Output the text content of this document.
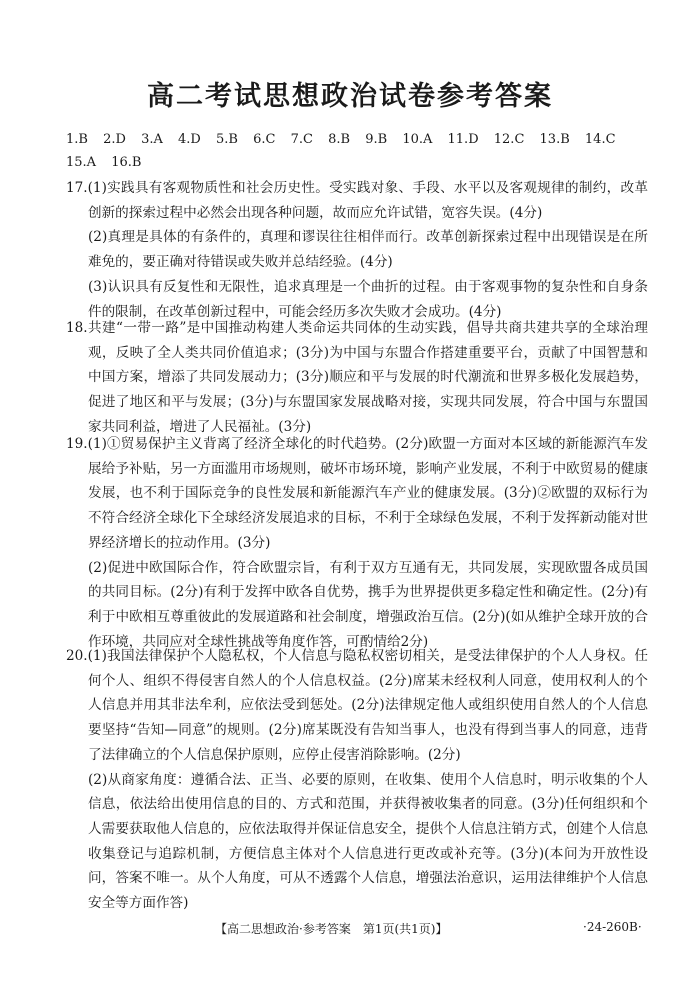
高二考试思想政治试卷参考答案
1.B 2.D 3.A 4.D 5.B 6.C 7.C 8.B 9.B 10.A 11.D 12.C 13.B 14.C
15.A 16.B

17.(1)实践具有客观物质性和社会历史性。受实践对象、手段、水平以及客观规律的制约，改革创新的探索过程中必然会出现各种问题，故而应允许试错，宽容失误。(4分)

(2)真理是具体的有条件的，真理和谬误往往相伴而行。改革创新探索过程中出现错误是在所难免的，要正确对待错误或失败并总结经验。(4分)

(3)认识具有反复性和无限性，追求真理是一个曲折的过程。由于客观事物的复杂性和自身条件的限制，在改革创新过程中，可能会经历多次失败才会成功。(4分)

18.共建“一带一路”是中国推动构建人类命运共同体的生动实践，倡导共商共建共享的全球治理观，反映了全人类共同价值追求；(3分)为中国与东盟合作搭建重要平台，贡献了中国智慧和中国方案，增添了共同发展动力；(3分)顺应和平与发展的时代潮流和世界多极化发展趋势，促进了地区和平与发展；(3分)与东盟国家发展战略对接，实现共同发展，符合中国与东盟国家共同利益，增进了人民福祉。(3分)

19.(1)①贸易保护主义背离了经济全球化的时代趋势。(2分)欧盟一方面对本区域的新能源汽车发展给予补贴，另一方面滥用市场规则，破坏市场环境，影响产业发展，不利于中欧贸易的健康发展，也不利于国际竞争的良性发展和新能源汽车产业的健康发展。(3分)②欧盟的双标行为不符合经济全球化下全球经济发展追求的目标，不利于全球绿色发展，不利于发挥新动能对世界经济增长的拉动作用。(3分)

(2)促进中欧国际合作，符合欧盟宗旨，有利于双方互通有无，共同发展，实现欧盟各成员国的共同目标。(2分)有利于发挥中欧各自优势，携手为世界提供更多稳定性和确定性。(2分)有利于中欧相互尊重彼此的发展道路和社会制度，增强政治互信。(2分)(如从维护全球开放的合作环境，共同应对全球性挑战等角度作答，可酌情给2分)

20.(1)我国法律保护个人隐私权，个人信息与隐私权密切相关，是受法律保护的个人人身权。任何个人、组织不得侵害自然人的个人信息权益。(2分)席某未经权利人同意，使用权利人的个人信息并用其非法牟利，应依法受到惩处。(2分)法律规定他人或组织使用自然人的个人信息要坚持“告知—同意”的规则。(2分)席某既没有告知当事人，也没有得到当事人的同意，违背了法律确立的个人信息保护原则，应停止侵害消除影响。(2分)

(2)从商家角度：遵循合法、正当、必要的原则，在收集、使用个人信息时，明示收集的个人信息，依法给出使用信息的目的、方式和范围，并获得被收集者的同意。(3分)任何组织和个人需要获取他人信息的，应依法取得并保证信息安全，提供个人信息注销方式，创建个人信息收集登记与追踪机制，方便信息主体对个人信息进行更改或补充等。(3分)(本问为开放性设问，答案不唯一。从个人角度，可从不透露个人信息，增强法治意识，运用法律维护个人信息安全等方面作答)

【高二思想政治·参考答案　第1页(共1页)】	·24-260B·
